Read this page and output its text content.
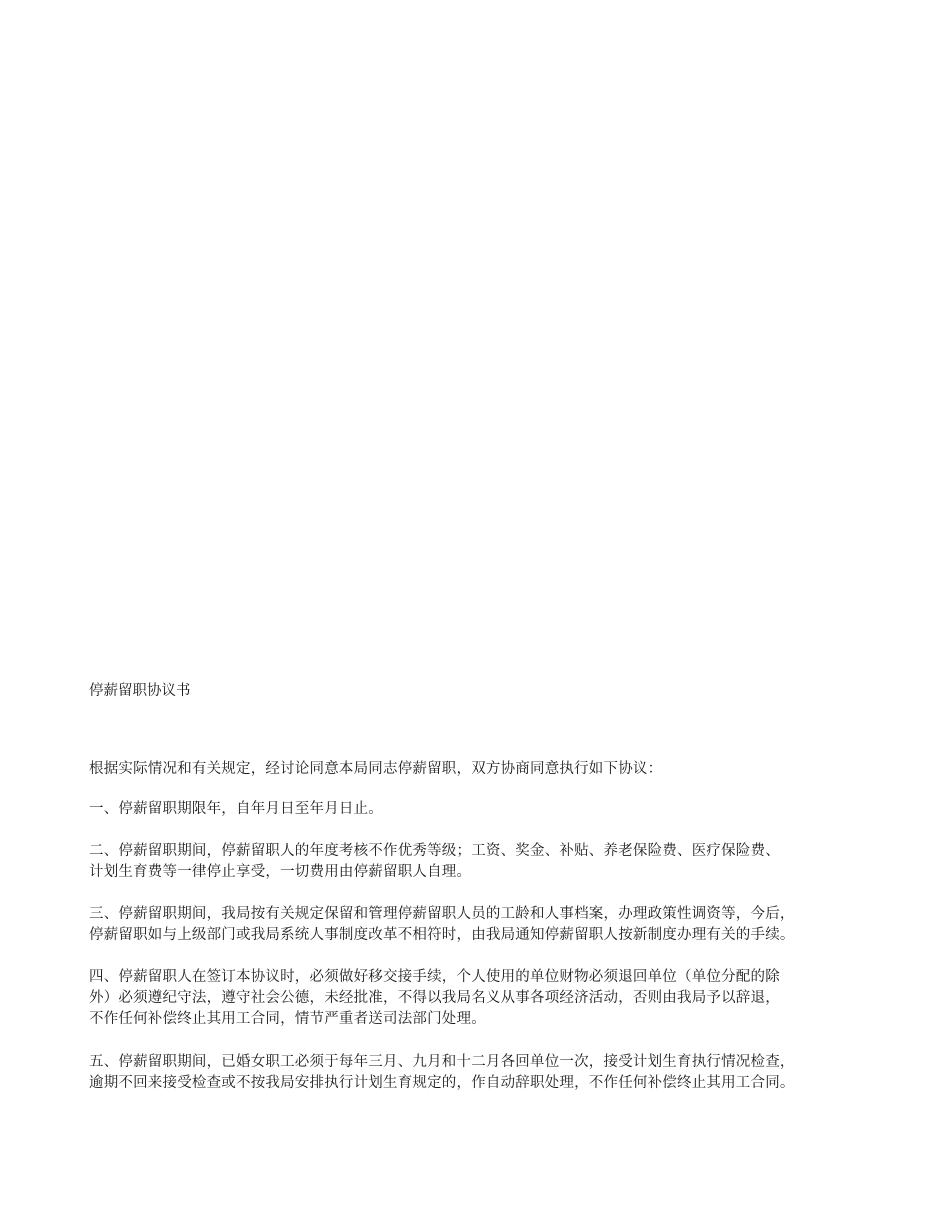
停薪留职协议书
根据实际情况和有关规定，经讨论同意本局同志停薪留职，双方协商同意执行如下协议：
一、停薪留职期限年，自年月日至年月日止。
二、停薪留职期间，停薪留职人的年度考核不作优秀等级；工资、奖金、补贴、养老保险费、医疗保险费、
计划生育费等一律停止享受，一切费用由停薪留职人自理。
三、停薪留职期间，我局按有关规定保留和管理停薪留职人员的工龄和人事档案，办理政策性调资等，今后，
停薪留职如与上级部门或我局系统人事制度改革不相符时，由我局通知停薪留职人按新制度办理有关的手续。
四、停薪留职人在签订本协议时，必须做好移交接手续，个人使用的单位财物必须退回单位（单位分配的除
外）必须遵纪守法，遵守社会公德，未经批准，不得以我局名义从事各项经济活动，否则由我局予以辞退，
不作任何补偿终止其用工合同，情节严重者送司法部门处理。
五、停薪留职期间，已婚女职工必须于每年三月、九月和十二月各回单位一次，接受计划生育执行情况检查，
逾期不回来接受检查或不按我局安排执行计划生育规定的，作自动辞职处理，不作任何补偿终止其用工合同。
